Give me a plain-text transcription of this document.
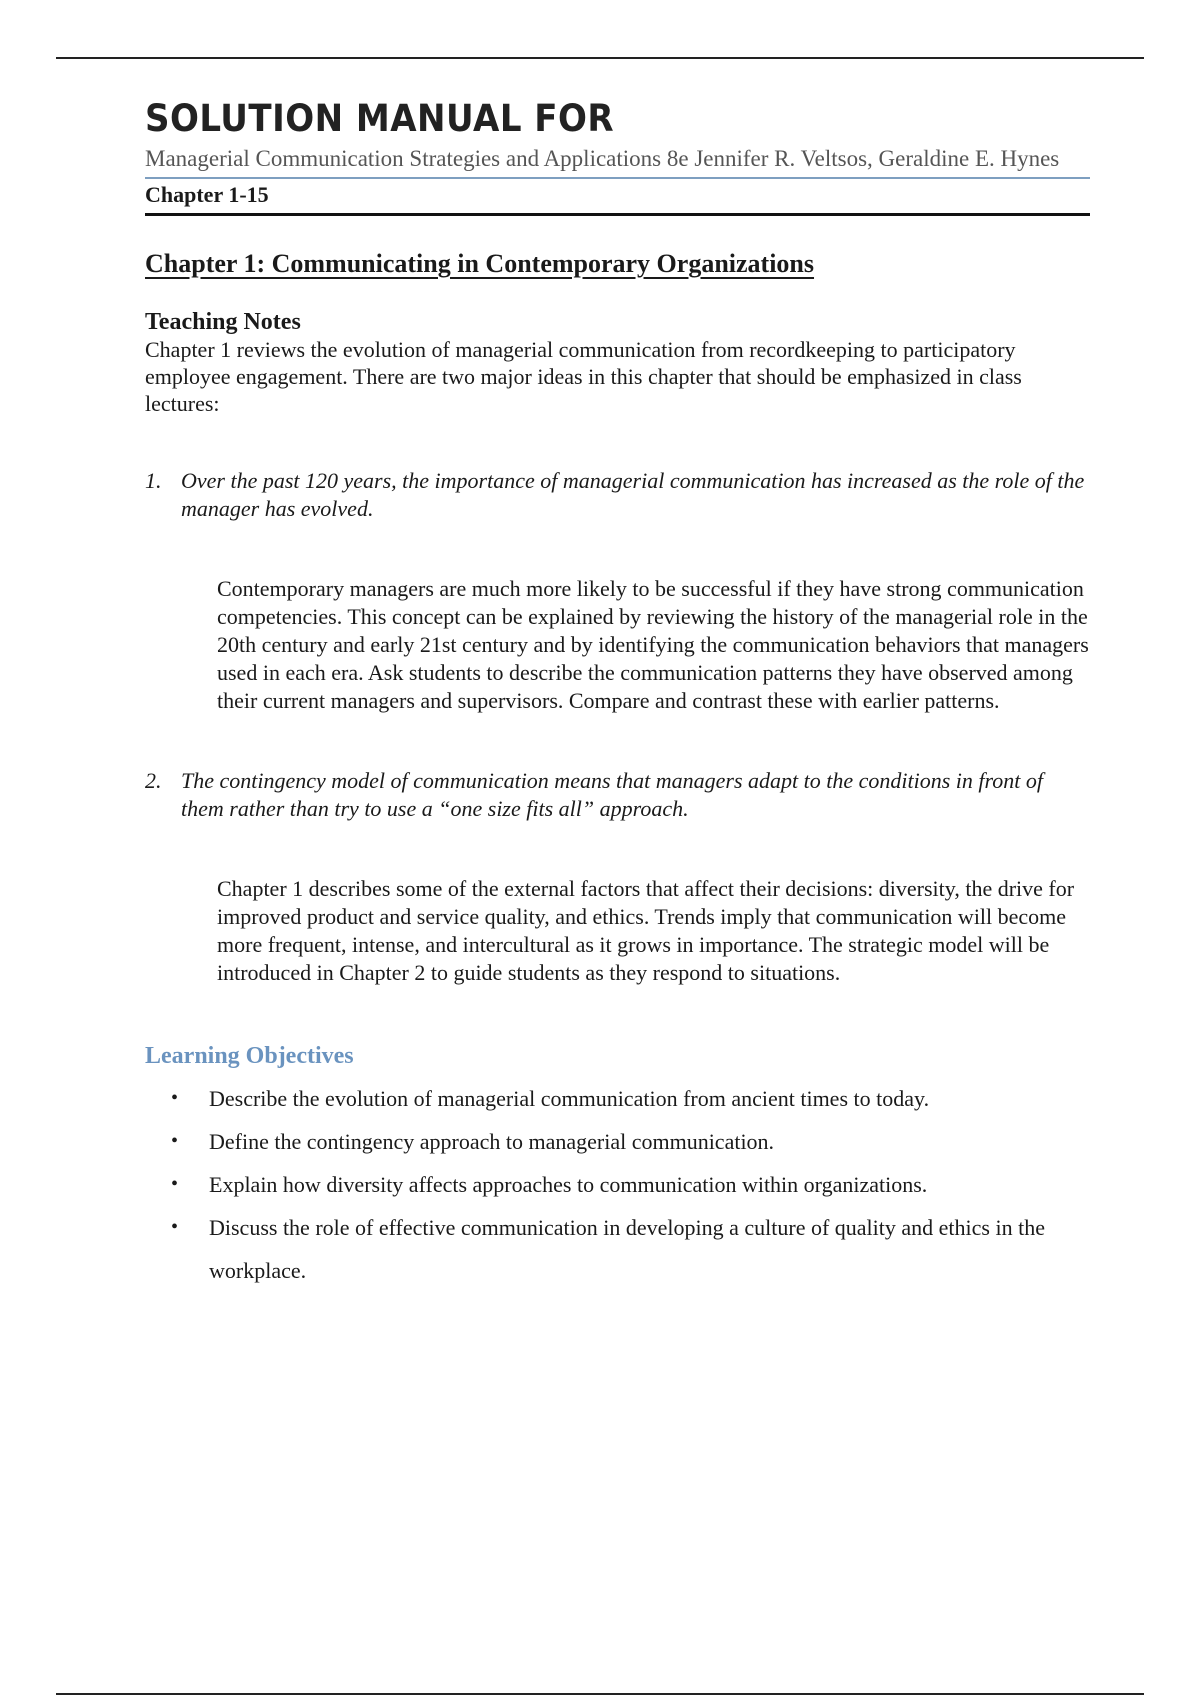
SOLUTION MANUAL FOR
Managerial Communication Strategies and Applications 8e Jennifer R. Veltsos, Geraldine E. Hynes
Chapter 1-15
Chapter 1: Communicating in Contemporary Organizations
Teaching Notes
Chapter 1 reviews the evolution of managerial communication from recordkeeping to participatory employee engagement. There are two major ideas in this chapter that should be emphasized in class lectures:
1. Over the past 120 years, the importance of managerial communication has increased as the role of the manager has evolved.
Contemporary managers are much more likely to be successful if they have strong communication competencies. This concept can be explained by reviewing the history of the managerial role in the 20th century and early 21st century and by identifying the communication behaviors that managers used in each era. Ask students to describe the communication patterns they have observed among their current managers and supervisors. Compare and contrast these with earlier patterns.
2. The contingency model of communication means that managers adapt to the conditions in front of them rather than try to use a “one size fits all” approach.
Chapter 1 describes some of the external factors that affect their decisions: diversity, the drive for improved product and service quality, and ethics. Trends imply that communication will become more frequent, intense, and intercultural as it grows in importance. The strategic model will be introduced in Chapter 2 to guide students as they respond to situations.
Learning Objectives
• Describe the evolution of managerial communication from ancient times to today.
• Define the contingency approach to managerial communication.
• Explain how diversity affects approaches to communication within organizations.
• Discuss the role of effective communication in developing a culture of quality and ethics in the workplace.
